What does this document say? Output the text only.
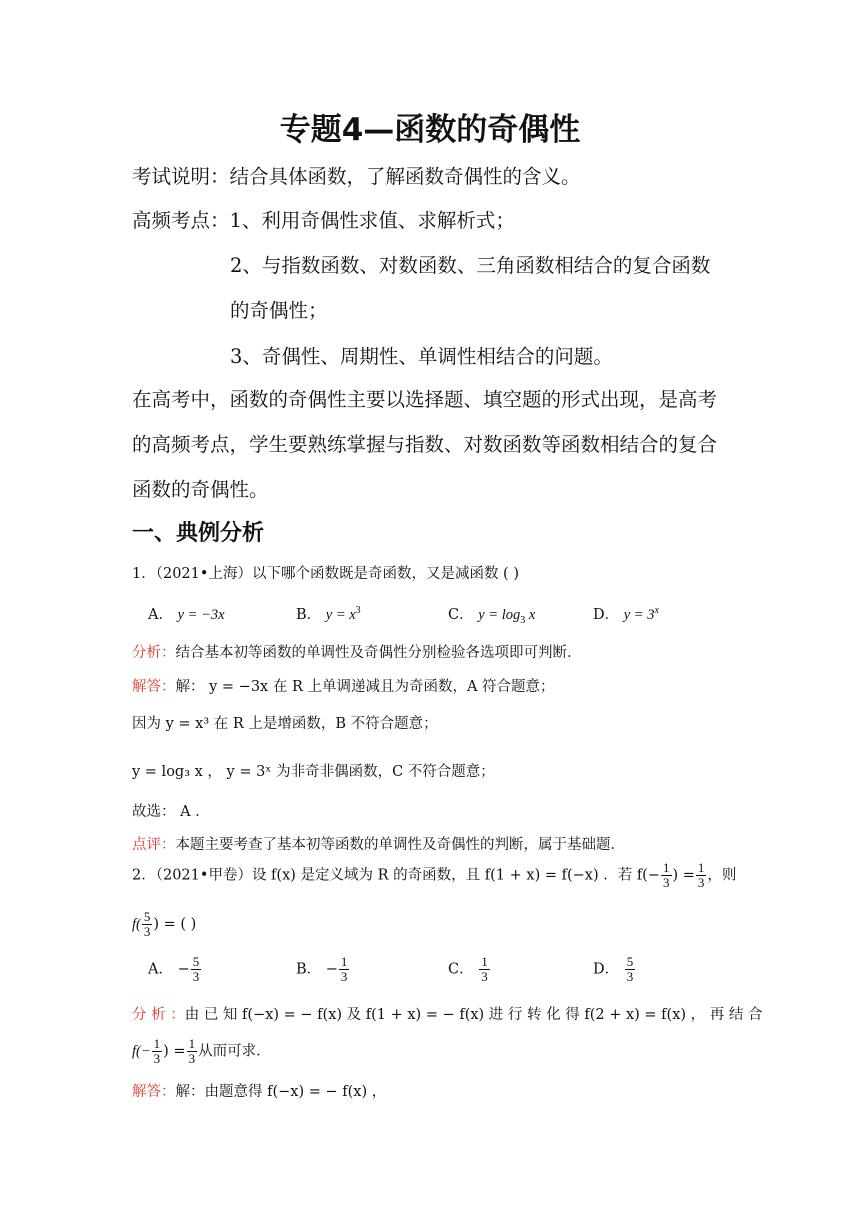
专题4—函数的奇偶性
考试说明：结合具体函数，了解函数奇偶性的含义。
高频考点：1、利用奇偶性求值、求解析式；
2、与指数函数、对数函数、三角函数相结合的复合函数
的奇偶性；
3、奇偶性、周期性、单调性相结合的问题。
在高考中，函数的奇偶性主要以选择题、填空题的形式出现，是高考
的高频考点，学生要熟练掌握与指数、对数函数等函数相结合的复合
函数的奇偶性。
一、典例分析
1．（2021•上海）以下哪个函数既是奇函数，又是减函数 ( )
A． y = −3x	B． $y = x^3$	C． $y = \log_3 x$	D． $y = 3^x$
分析：结合基本初等函数的单调性及奇偶性分别检验各选项即可判断．
解答：解： y = −3x 在 R 上单调递减且为奇函数，A 符合题意；
因为 y = x³ 在 R 上是增函数，B 不符合题意；
y = log₃ x ， y = 3ˣ 为非奇非偶函数，C 不符合题意；
故选： A ．
点评：本题主要考查了基本初等函数的单调性及奇偶性的判断，属于基础题．
2．（2021•甲卷）设 f(x) 是定义域为 R 的奇函数，且 f(1 + x) = f(−x) ．若 $f(- \frac{1}{3}$ ) = $\frac{1}{3}$ ，则
$f( \frac{5}{3}$ ) = ( )
A． − $\frac{5}{3}$	B． − $\frac{1}{3}$	C． $\frac{1}{3}$	D． $\frac{5}{3}$
分 析 ：由 已 知 f(−x) = − f(x) 及 f(1 + x) = − f(x) 进 行 转 化 得 f(2 + x) = f(x) ， 再 结 合
$f(- \frac{1}{3}$ ) = $\frac{1}{3}$ 从而可求．
解答：解：由题意得 f(−x) = − f(x) ，
